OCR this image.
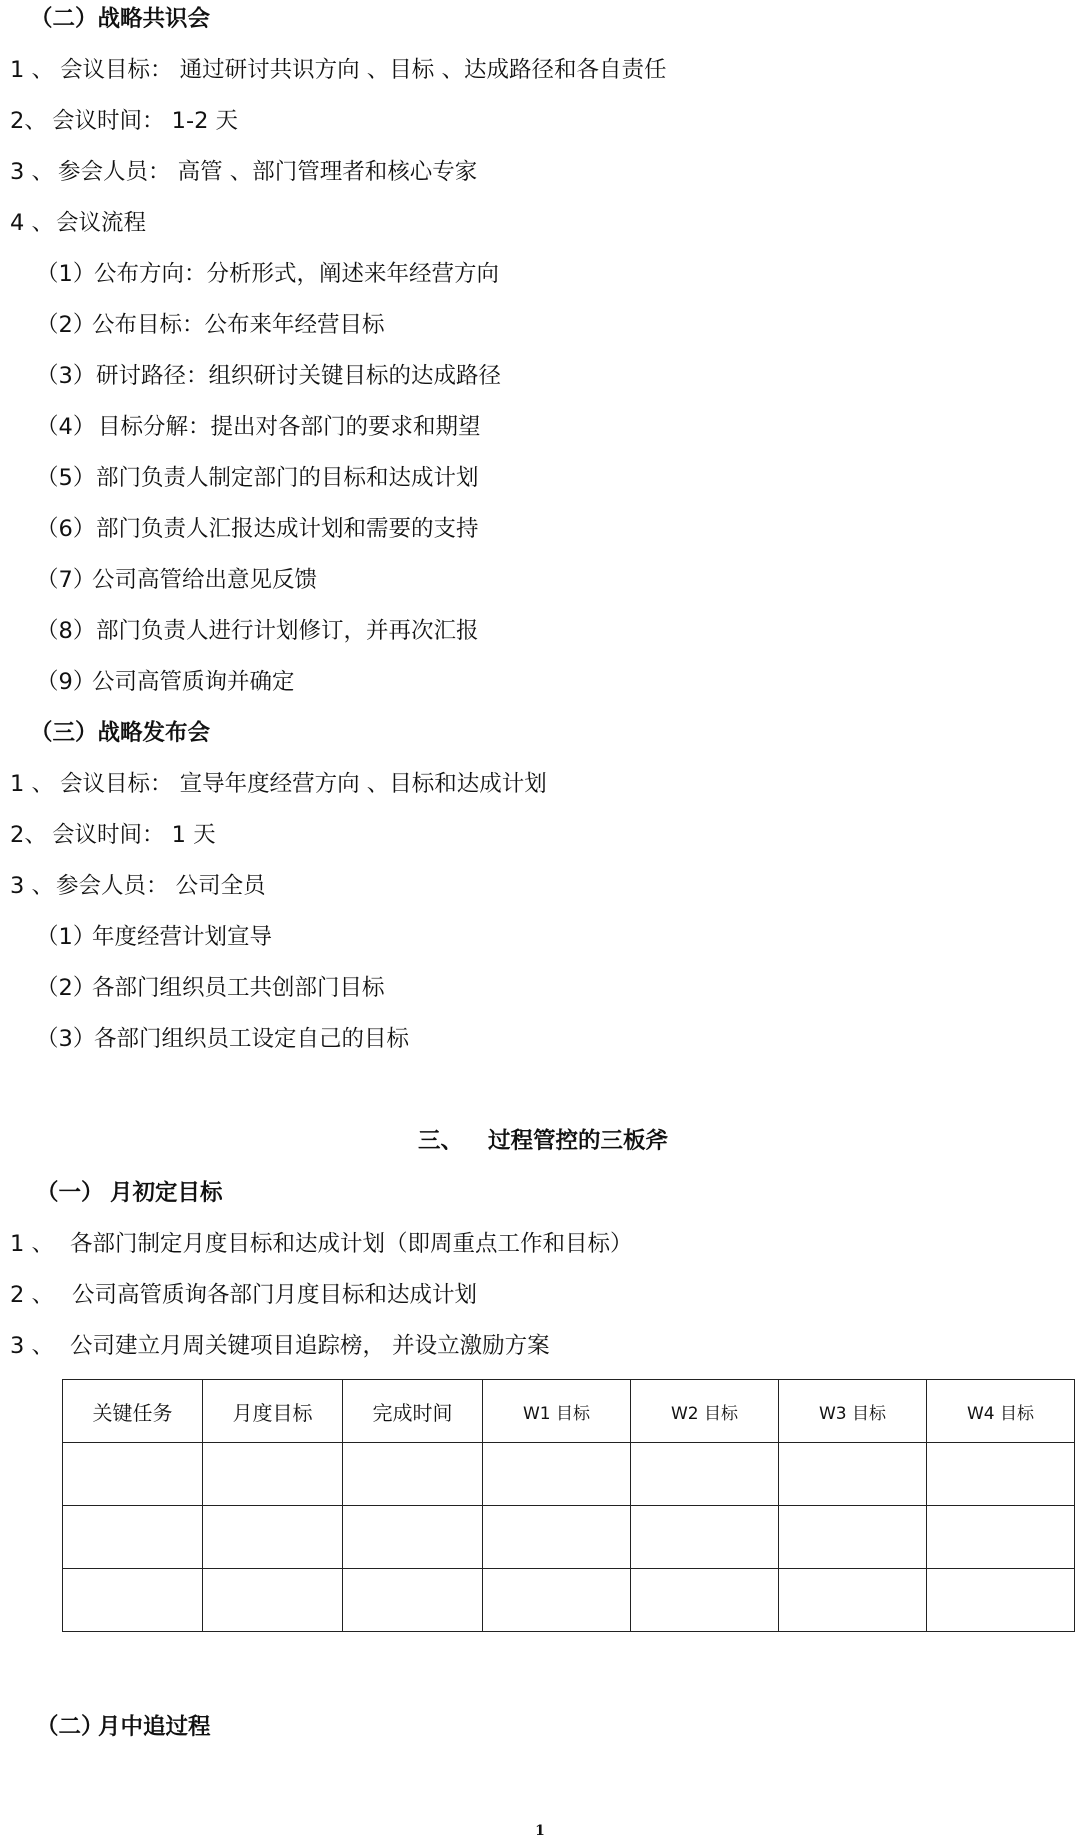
（二）战略共识会
1 、 会议目标： 通过研讨共识方向 、目标 、达成路径和各自责任
2、 会议时间： 1-2 天
3 、 参会人员： 高管 、部门管理者和核心专家
4 、 会议流程
（1）
公布方向：分析形式，阐述来年经营方向
（2）
公布目标：公布来年经营目标
（3） 研讨路径：组织研讨关键目标的达成路径
（4） 目标分解：提出对各部门的要求和期望
（5） 部门负责人制定部门的目标和达成计划
（6） 部门负责人汇报达成计划和需要的支持
（7）
公司高管给出意见反馈
（8） 部门负责人进行计划修订，并再次汇报
（9）
公司高管质询并确定
（三）战略发布会
1 、 会议目标： 宣导年度经营方向 、目标和达成计划
2、 会议时间： 1 天
3 、 参会人员： 公司全员
（1）
年度经营计划宣导
（2）
各部门组织员工共创部门目标
（3）
各部门组织员工设定自己的目标
三、 过程管控的三板斧
（一） 月初定目标
1 、 各部门制定月度目标和达成计划（即周重点工作和目标）
2 、 公司高管质询各部门月度目标和达成计划
3 、 公司建立月周关键项目追踪榜， 并设立激励方案
关键任务	月度目标	完成时间	W1 目标	W2 目标	W3 目标	W4 目标

（二）
月中追过程
1
